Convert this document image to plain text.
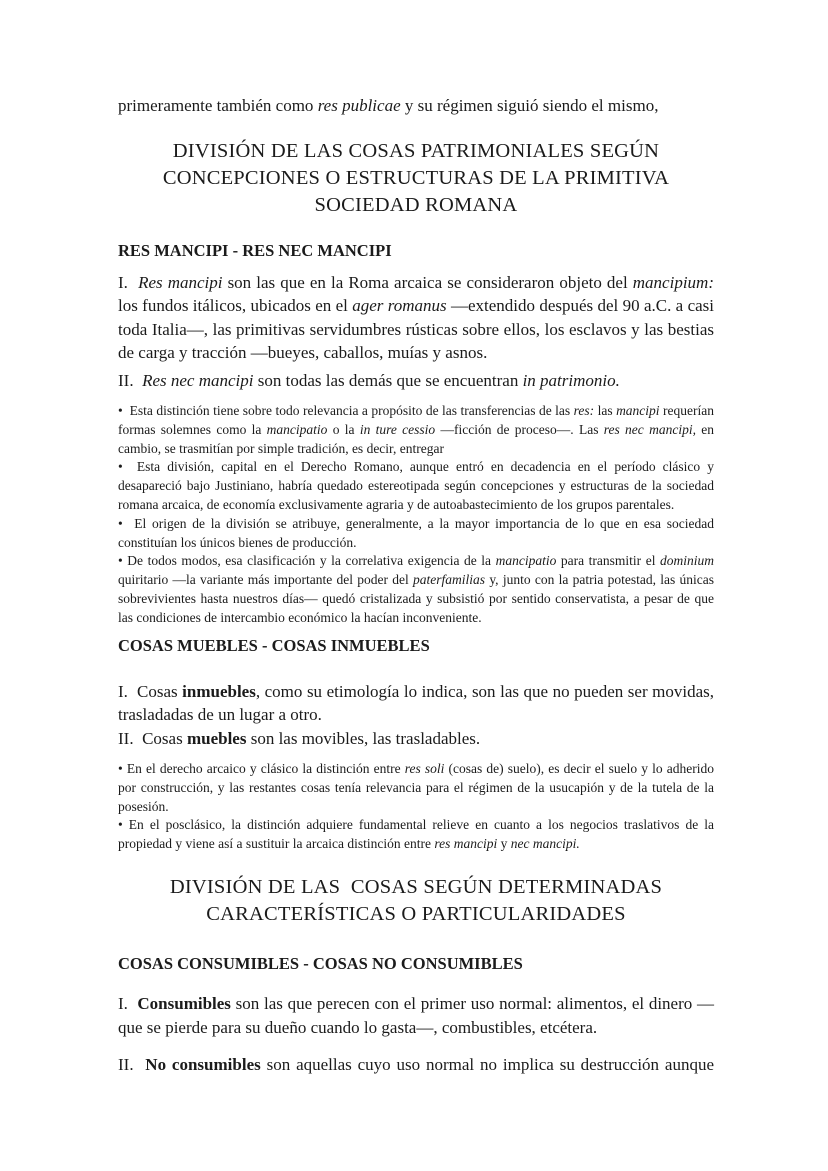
primeramente también como res publicae y su régimen siguió siendo el mismo,

DIVISIÓN DE LAS COSAS PATRIMONIALES SEGÚN
CONCEPCIONES O ESTRUCTURAS DE LA PRIMITIVA
SOCIEDAD ROMANA
RES MANCIPI - RES NEC MANCIPI

I.  Res mancipi son las que en la Roma arcaica se consideraron objeto del mancipium: los fundos itálicos, ubicados en el ager romanus —extendido después del 90 a.C. a casi toda Italia—, las primitivas servidumbres rústicas sobre ellos, los esclavos y las bestias de carga y tracción —bueyes, caballos, muías y asnos.

II.  Res nec mancipi son todas las demás que se encuentran in patrimonio.

•  Esta distinción tiene sobre todo relevancia a propósito de las transferencias de las res: las mancipi requerían formas solemnes como la mancipatio o la in ture cessio —ficción de proceso—. Las res nec mancipi, en cambio, se trasmitían por simple tradición, es decir, entregar

•  Esta división, capital en el Derecho Romano, aunque entró en decadencia en el período clásico y desapareció bajo Justiniano, habría quedado estereotipada según concepciones y estructuras de la sociedad romana arcaica, de economía exclusivamente agraria y de autoabastecimiento de los grupos parentales.

•  El origen de la división se atribuye, generalmente, a la mayor importancia de lo que en esa sociedad constituían los únicos bienes de producción.

• De todos modos, esa clasificación y la correlativa exigencia de la mancipatio para transmitir el dominium quiritario —la variante más importante del poder del paterfamilias y, junto con la patria potestad, las únicas sobrevivientes hasta nuestros días— quedó cristalizada y subsistió por sentido conservatista, a pesar de que las condiciones de intercambio económico la hacían inconveniente.

COSAS MUEBLES - COSAS INMUEBLES

I.  Cosas inmuebles, como su etimología lo indica, son las que no pueden ser movidas, trasladadas de un lugar a otro.

II.  Cosas muebles son las movibles, las trasladables.

• En el derecho arcaico y clásico la distinción entre res soli (cosas de) suelo), es decir el suelo y lo adherido por construcción, y las restantes cosas tenía relevancia para el régimen de la usucapión y de la tutela de la posesión.

• En el posclásico, la distinción adquiere fundamental relieve en cuanto a los negocios traslativos de la propiedad y viene así a sustituir la arcaica distinción entre res mancipi y nec mancipi.

DIVISIÓN DE LAS  COSAS SEGÚN DETERMINADAS
CARACTERÍSTICAS O PARTICULARIDADES
COSAS CONSUMIBLES - COSAS NO CONSUMIBLES

I.  Consumibles son las que perecen con el primer uso normal: alimentos, el dinero —que se pierde para su dueño cuando lo gasta—, combustibles, etcétera.

II.  No consumibles son aquellas cuyo uso normal no implica su destrucción aunque
